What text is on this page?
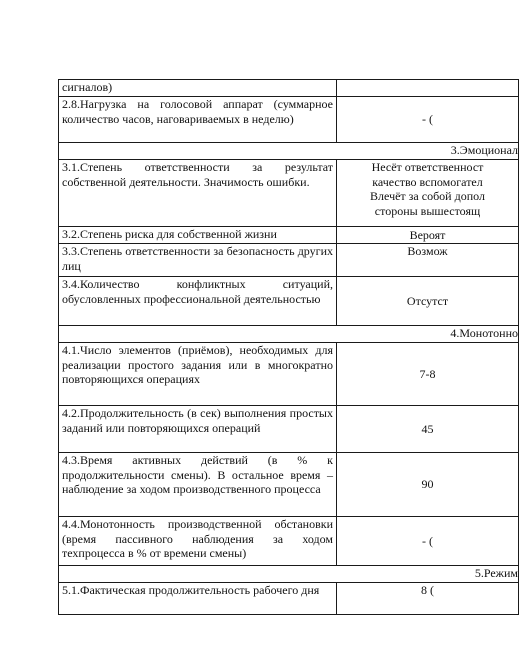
сигналов)	
2.8.Нагрузка на голосовой аппарат (суммарное количество часов, наговариваемых в неделю)	- (
3.Эмоционал	
3.1.Степень ответственности за результат собственной деятельности. Значимость ошибки.	Несёт ответственност
качество вспомогател
Влечёт за собой допол
стороны вышестоящ

3.2.Степень риска для собственной жизни	Вероят
3.3.Степень ответственности за безопасность других лиц	Возмож
3.4.Количество конфликтных ситуаций, обусловленных профессиональной деятельностью	Отсутст
4.Монотонно	
4.1.Число элементов (приёмов), необходимых для реализации простого задания или в многократно повторяющихся операциях	7-8
4.2.Продолжительность (в сек) выполнения простых заданий или повторяющихся операций	45
4.3.Время активных действий (в % к продолжительности смены). В остальное время – наблюдение за ходом производственного процесса	90
4.4.Монотонность производственной обстановки (время пассивного наблюдения за ходом техпроцесса в % от времени смены)	- (
5.Режим	
5.1.Фактическая продолжительность рабочего дня	8 (
